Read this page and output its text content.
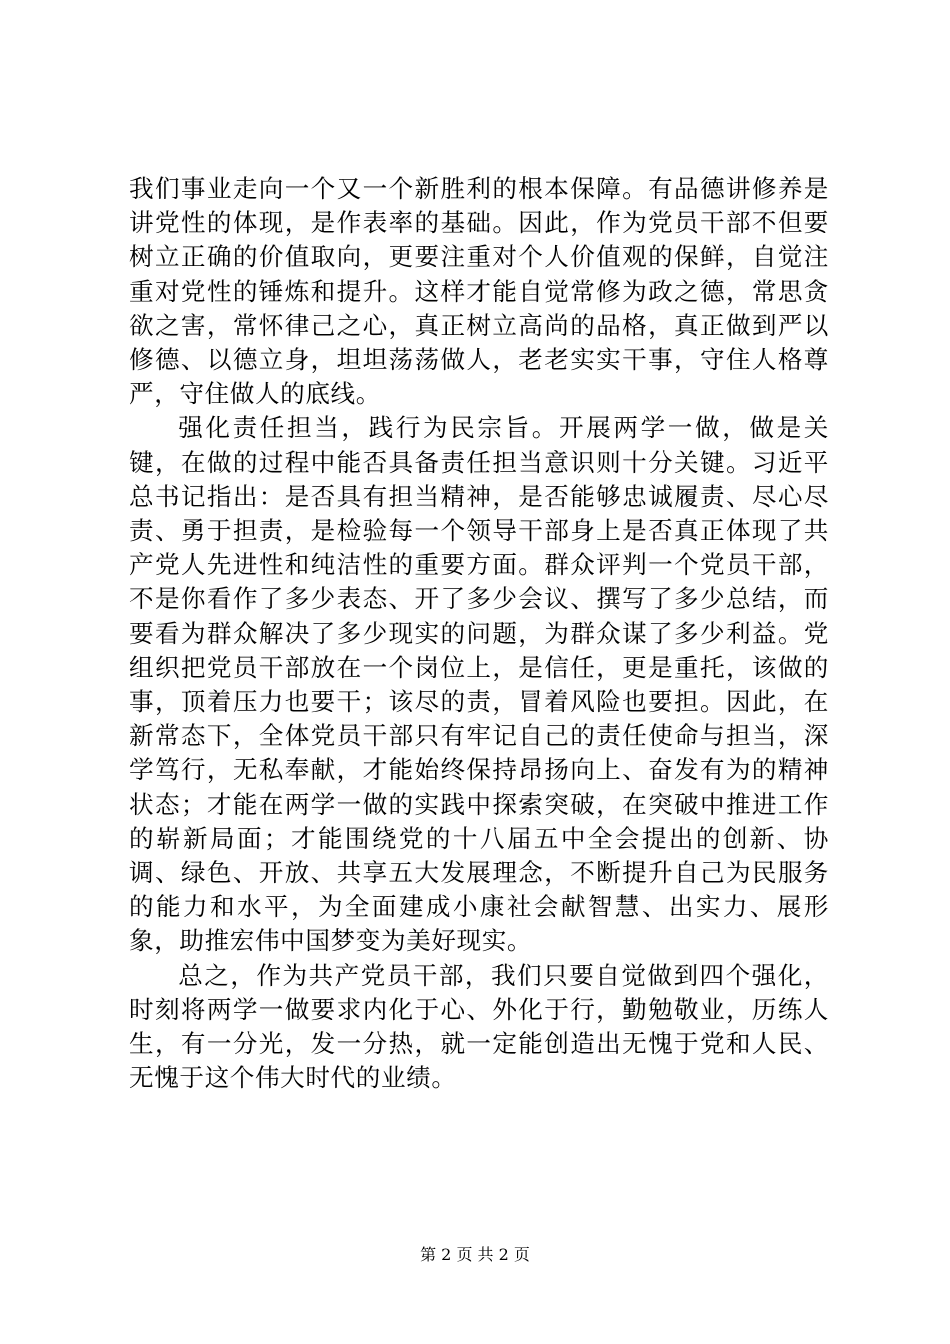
我们事业走向一个又一个新胜利的根本保障。有品德讲修养是讲党性的体现，是作表率的基础。因此，作为党员干部不但要树立正确的价值取向，更要注重对个人价值观的保鲜，自觉注重对党性的锤炼和提升。这样才能自觉常修为政之德，常思贪欲之害，常怀律己之心，真正树立高尚的品格，真正做到严以修德、以德立身，坦坦荡荡做人，老老实实干事，守住人格尊严，守住做人的底线。

强化责任担当，践行为民宗旨。开展两学一做，做是关键，在做的过程中能否具备责任担当意识则十分关键。习近平总书记指出：是否具有担当精神，是否能够忠诚履责、尽心尽责、勇于担责，是检验每一个领导干部身上是否真正体现了共产党人先进性和纯洁性的重要方面。群众评判一个党员干部，不是你看作了多少表态、开了多少会议、撰写了多少总结，而要看为群众解决了多少现实的问题，为群众谋了多少利益。党组织把党员干部放在一个岗位上，是信任，更是重托，该做的事，顶着压力也要干；该尽的责，冒着风险也要担。因此，在新常态下，全体党员干部只有牢记自己的责任使命与担当，深学笃行，无私奉献，才能始终保持昂扬向上、奋发有为的精神状态；才能在两学一做的实践中探索突破，在突破中推进工作的崭新局面；才能围绕党的十八届五中全会提出的创新、协调、绿色、开放、共享五大发展理念，不断提升自己为民服务的能力和水平，为全面建成小康社会献智慧、出实力、展形象，助推宏伟中国梦变为美好现实。

总之，作为共产党员干部，我们只要自觉做到四个强化，时刻将两学一做要求内化于心、外化于行，勤勉敬业，历练人生，有一分光，发一分热，就一定能创造出无愧于党和人民、无愧于这个伟大时代的业绩。

第 2 页 共 2 页
